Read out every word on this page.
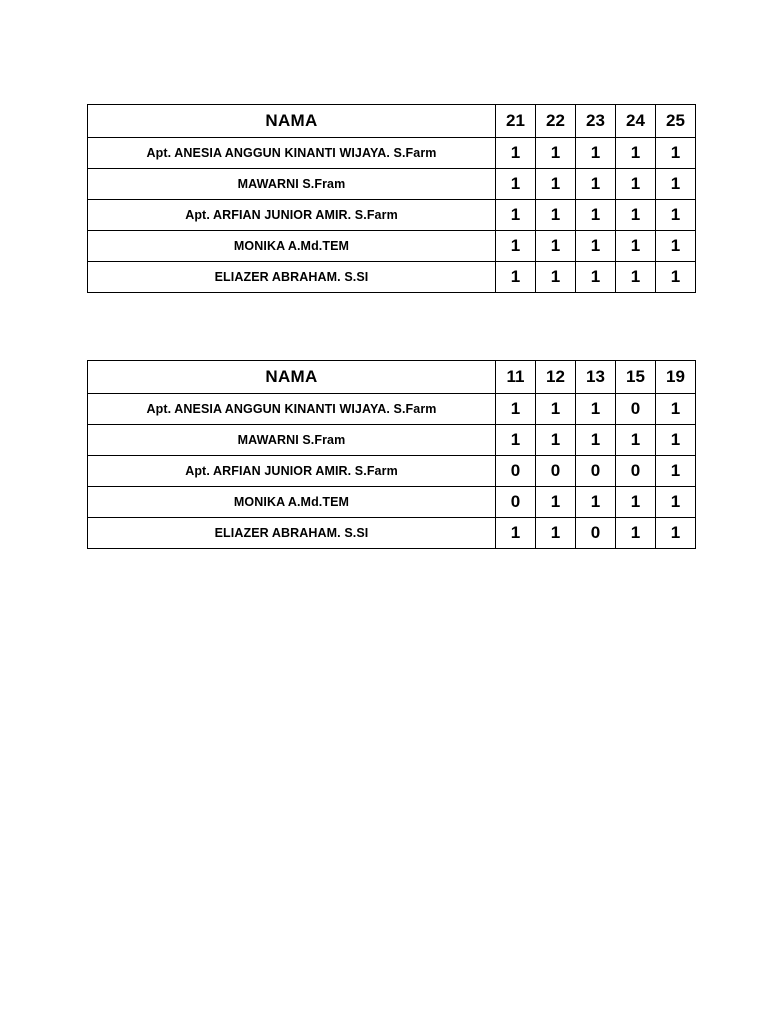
NAMA	21	22	23	24	25
Apt. ANESIA ANGGUN KINANTI WIJAYA. S.Farm	1	1	1	1	1
MAWARNI S.Fram	1	1	1	1	1
Apt. ARFIAN JUNIOR AMIR. S.Farm	1	1	1	1	1
MONIKA A.Md.TEM	1	1	1	1	1
ELIAZER ABRAHAM. S.SI	1	1	1	1	1
NAMA	11	12	13	15	19
Apt. ANESIA ANGGUN KINANTI WIJAYA. S.Farm	1	1	1	0	1
MAWARNI S.Fram	1	1	1	1	1
Apt. ARFIAN JUNIOR AMIR. S.Farm	0	0	0	0	1
MONIKA A.Md.TEM	0	1	1	1	1
ELIAZER ABRAHAM. S.SI	1	1	0	1	1
